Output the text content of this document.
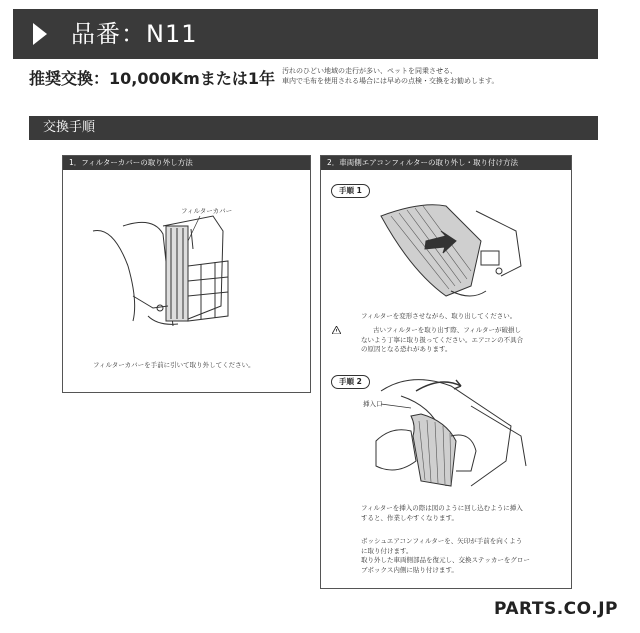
品番：N11
推奨交換：10,000Kmまたは1年 汚れのひどい地域の走行が多い、ペットを同乗させる、
車内で毛布を使用される場合には早めの点検・交換をお勧めします。
交換手順
1．フィルターカバーの取り外し方法
フィルターカバー
フィルターカバーを手前に引いて取り外してください。
2．車両側エアコンフィルターの取り外し・取り付け方法
手順 1
フィルターを変形させながら、取り出してください。
古いフィルターを取り出す際、フィルターが破損し
ないよう丁寧に取り扱ってください。エアコンの不具合
の原因となる恐れがあります。
手順 2
挿入口
フィルターを挿入の際は図のように回し込むように挿入
すると、作業しやすくなります。
ボッシュエアコンフィルターを、矢印が手前を向くよう
に取り付けます。
取り外した車両側部品を復元し、交換ステッカーをグロー
ブボックス内側に貼り付けます。
PARTS.CO.JP
